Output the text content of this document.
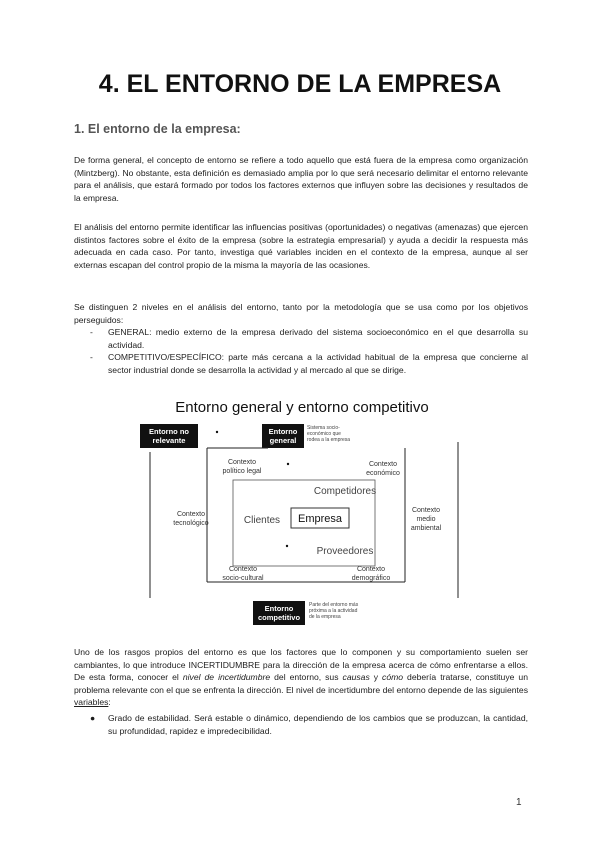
4. EL ENTORNO DE LA EMPRESA
1. El entorno de la empresa:

De forma general, el concepto de entorno se refiere a todo aquello que está fuera de la empresa como organización (Mintzberg). No obstante, esta definición es demasiado amplia por lo que será necesario delimitar el entorno relevante para el análisis, que estará formado por todos los factores externos que influyen sobre las decisiones y resultados de la empresa.

El análisis del entorno permite identificar las influencias positivas (oportunidades) o negativas (amenazas) que ejercen distintos factores sobre el éxito de la empresa (sobre la estrategia empresarial) y ayuda a decidir la respuesta más adecuada en cada caso. Por tanto, investiga qué variables inciden en el contexto de la empresa, aunque al ser externas escapan del control propio de la misma la mayoría de las ocasiones.

Se distinguen 2 niveles en el análisis del entorno, tanto por la metodología que se usa como por los objetivos perseguidos:

- GENERAL: medio externo de la empresa derivado del sistema socioeconómico en el que desarrolla su actividad.
- COMPETITIVO/ESPECÍFICO: parte más cercana a la actividad habitual de la empresa que concierne al sector industrial donde se desarrolla la actividad y al mercado al que se dirige.
Entorno general y entorno competitivo
Entorno no
relevante
Entorno
general
Sistema socio-
económico que
rodea a la empresa
Contexto
político legal
Contexto
económico
Contexto
tecnológico
Contexto
medio
ambiental
Contexto
socio-cultural
Contexto
demográfico
Competidores
Clientes Empresa
Proveedores
Entorno
competitivo
Parte del entorno más
próxima a la actividad
de la empresa

Uno de los rasgos propios del entorno es que los factores que lo componen y su comportamiento suelen ser cambiantes, lo que introduce INCERTIDUMBRE para la dirección de la empresa acerca de cómo enfrentarse a ellos. De esta forma, conocer el nivel de incertidumbre del entorno, sus causas y cómo debería tratarse, constituye un problema relevante con el que se enfrenta la dirección. El nivel de incertidumbre del entorno depende de las siguientes variables:

● Grado de estabilidad. Será estable o dinámico, dependiendo de los cambios que se produzcan, la cantidad, su profundidad, rapidez e impredecibilidad.
1
